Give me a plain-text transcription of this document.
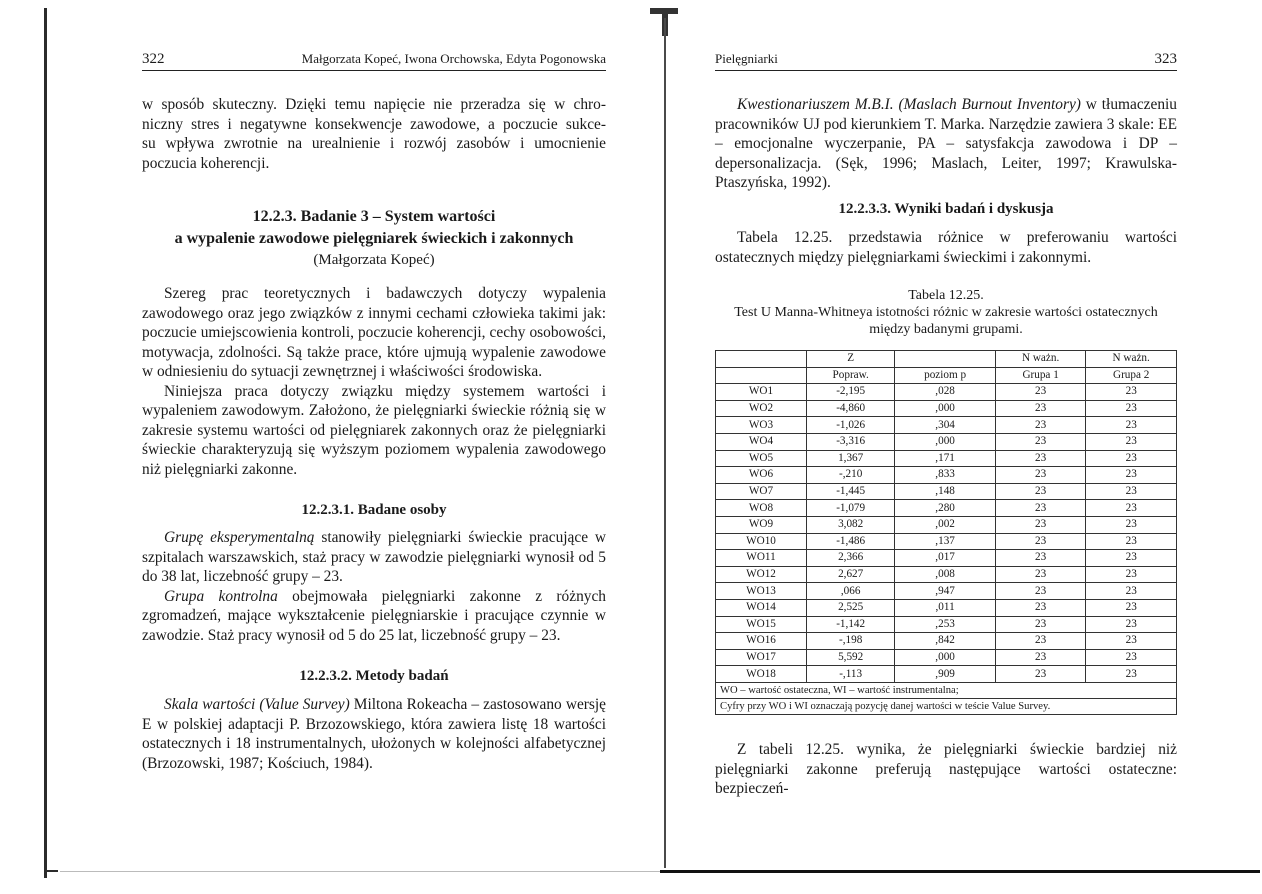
322	Małgorzata Kopeć, Iwona Orchowska, Edyta Pogonowska

w sposób skuteczny. Dzięki temu napięcie nie przeradza się w chro-

niczny stres i negatywne konsekwencje zawodowe, a poczucie sukce-

su wpływa zwrotnie na urealnienie i rozwój zasobów i umocnienie

poczucia koherencji.

12.2.3. Badanie 3 – System wartości
a wypalenie zawodowe pielęgniarek świeckich i zakonnych
(Małgorzata Kopeć)

Szereg prac teoretycznych i badawczych dotyczy wypalenia zawodowego oraz jego związków z innymi cechami człowieka takimi jak: poczucie umiejscowienia kontroli, poczucie koherencji, cechy osobowości, motywacja, zdolności. Są także prace, które ujmują wypalenie zawodowe w odniesieniu do sytuacji zewnętrznej i właściwości środowiska.

Niniejsza praca dotyczy związku między systemem wartości i wypaleniem zawodowym. Założono, że pielęgniarki świeckie różnią się w zakresie systemu wartości od pielęgniarek zakonnych oraz że pielęgniarki świeckie charakteryzują się wyższym poziomem wypalenia zawodowego niż pielęgniarki zakonne.

12.2.3.1. Badane osoby

Grupę eksperymentalną stanowiły pielęgniarki świeckie pracujące w szpitalach warszawskich, staż pracy w zawodzie pielęgniarki wynosił od 5 do 38 lat, liczebność grupy – 23.

Grupa kontrolna obejmowała pielęgniarki zakonne z różnych zgromadzeń, mające wykształcenie pielęgniarskie i pracujące czynnie w zawodzie. Staż pracy wynosił od 5 do 25 lat, liczebność grupy – 23.

12.2.3.2. Metody badań

Skala wartości (Value Survey) Miltona Rokeacha – zastosowano wersję E w polskiej adaptacji P. Brzozowskiego, która zawiera listę 18 wartości ostatecznych i 18 instrumentalnych, ułożonych w kolejności alfabetycznej (Brzozowski, 1987; Kościuch, 1984).

Pielęgniarki	323

Kwestionariuszem M.B.I. (Maslach Burnout Inventory) w tłumaczeniu pracowników UJ pod kierunkiem T. Marka. Narzędzie zawiera 3 skale: EE – emocjonalne wyczerpanie, PA – satysfakcja zawodowa i DP – depersonalizacja. (Sęk, 1996; Maslach, Leiter, 1997; Krawulska-Ptaszyńska, 1992).

12.2.3.3. Wyniki badań i dyskusja

Tabela 12.25. przedstawia różnice w preferowaniu wartości ostatecznych między pielęgniarkami świeckimi i zakonnymi.

Tabela 12.25.
Test U Manna-Whitneya istotności różnic w zakresie wartości ostatecznych
między badanymi grupami.
	Z		N ważn.	N ważn.
	Popraw.	poziom p	Grupa 1	Grupa 2
WO1	-2,195	,028	23	23
WO2	-4,860	,000	23	23
WO3	-1,026	,304	23	23
WO4	-3,316	,000	23	23
WO5	1,367	,171	23	23
WO6	-,210	,833	23	23
WO7	-1,445	,148	23	23
WO8	-1,079	,280	23	23
WO9	3,082	,002	23	23
WO10	-1,486	,137	23	23
WO11	2,366	,017	23	23
WO12	2,627	,008	23	23
WO13	,066	,947	23	23
WO14	2,525	,011	23	23
WO15	-1,142	,253	23	23
WO16	-,198	,842	23	23
WO17	5,592	,000	23	23
WO18	-,113	,909	23	23
WO – wartość ostateczna, WI – wartość instrumentalna;				
Cyfry przy WO i WI oznaczają pozycję danej wartości w teście Value Survey.				

Z tabeli 12.25. wynika, że pielęgniarki świeckie bardziej niż pielęgniarki zakonne preferują następujące wartości ostateczne: bezpieczeń-
